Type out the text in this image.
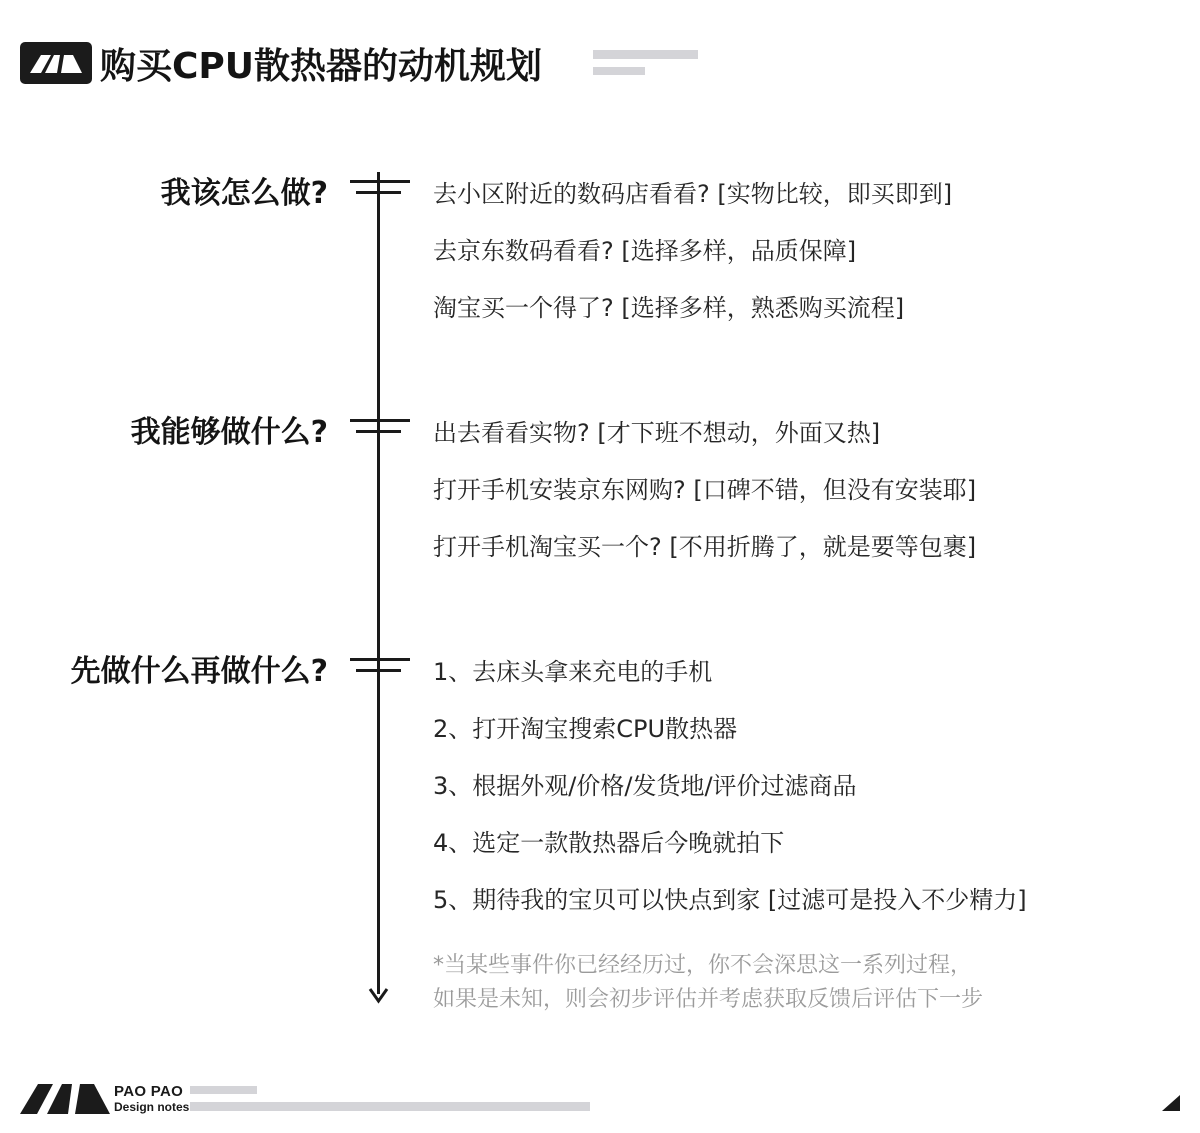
购买CPU散热器的动机规划
我该怎么做?	去小区附近的数码店看看? [实物比较，即买即到]
去京东数码看看? [选择多样，品质保障]
淘宝买一个得了? [选择多样，熟悉购买流程]
我能够做什么?	出去看看实物? [才下班不想动，外面又热]
打开手机安装京东网购? [口碑不错，但没有安装耶]
打开手机淘宝买一个? [不用折腾了，就是要等包裹]
先做什么再做什么?	1、去床头拿来充电的手机
2、打开淘宝搜索CPU散热器
3、根据外观/价格/发货地/评价过滤商品
4、选定一款散热器后今晚就拍下
5、期待我的宝贝可以快点到家 [过滤可是投入不少精力]
*当某些事件你已经经历过，你不会深思这一系列过程，
如果是未知，则会初步评估并考虑获取反馈后评估下一步
PAO PAO
Design notes
